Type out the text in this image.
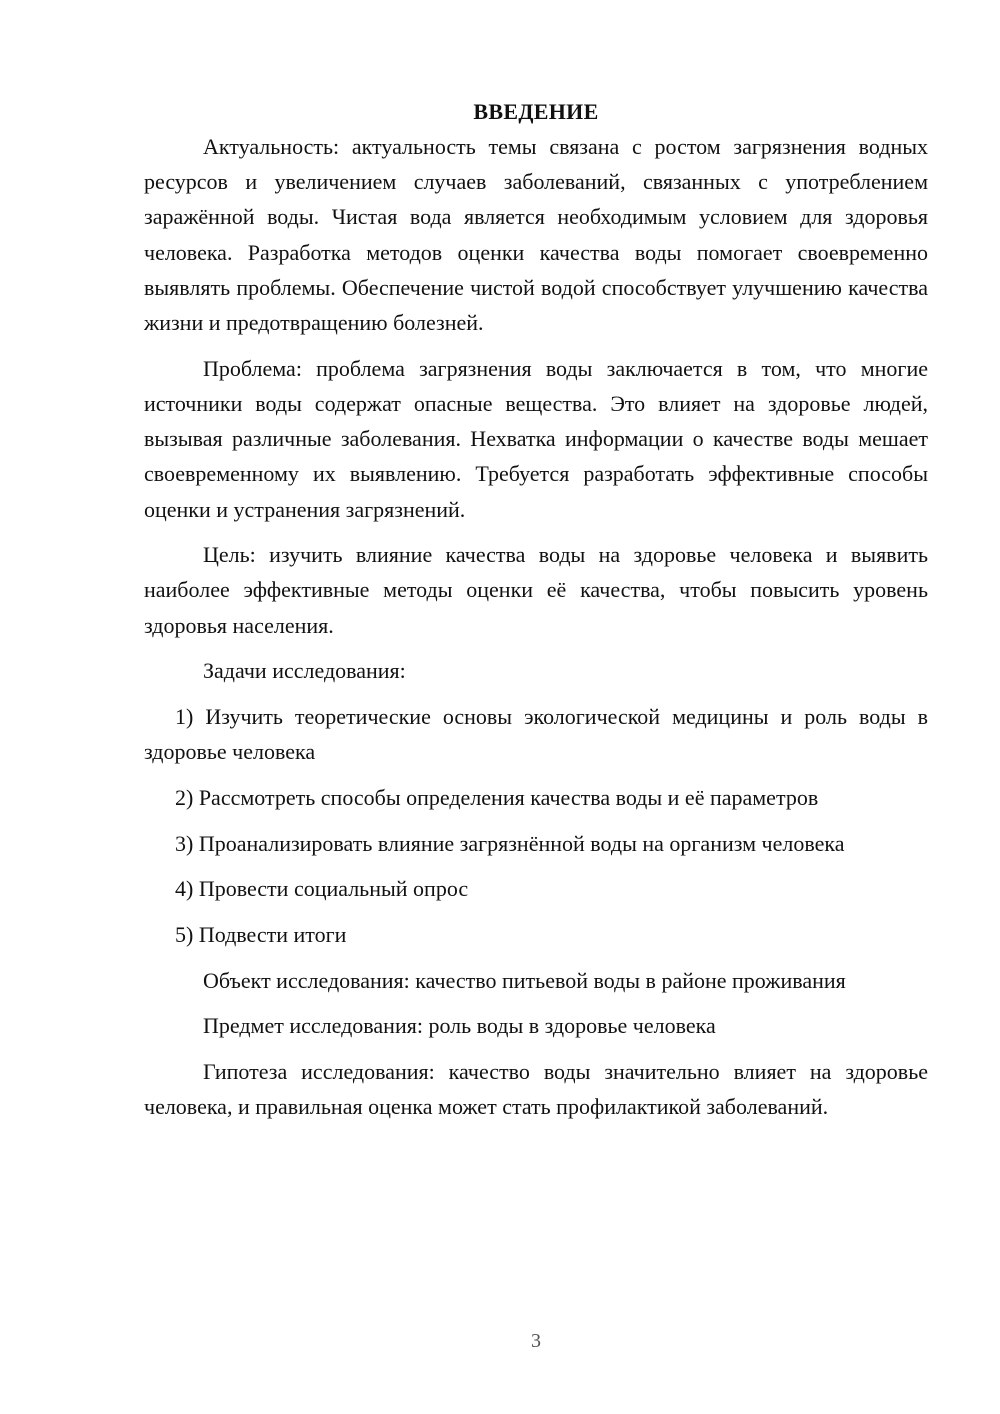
ВВЕДЕНИЕ

Актуальность: актуальность темы связана с ростом загрязнения водных ресурсов и увеличением случаев заболеваний, связанных с употреблением заражённой воды. Чистая вода является необходимым условием для здоровья человека. Разработка методов оценки качества воды помогает своевременно выявлять проблемы. Обеспечение чистой водой способствует улучшению качества жизни и предотвращению болезней.

Проблема: проблема загрязнения воды заключается в том, что многие источники воды содержат опасные вещества. Это влияет на здоровье людей, вызывая различные заболевания. Нехватка информации о качестве воды мешает своевременному их выявлению. Требуется разработать эффективные способы оценки и устранения загрязнений.

Цель: изучить влияние качества воды на здоровье человека и выявить наиболее эффективные методы оценки её качества, чтобы повысить уровень здоровья населения.

Задачи исследования:

1) Изучить теоретические основы экологической медицины и роль воды в здоровье человека

2) Рассмотреть способы определения качества воды и её параметров

3) Проанализировать влияние загрязнённой воды на организм человека

4) Провести социальный опрос

5) Подвести итоги

Объект исследования: качество питьевой воды в районе проживания

Предмет исследования: роль воды в здоровье человека

Гипотеза исследования: качество воды значительно влияет на здоровье человека, и правильная оценка может стать профилактикой заболеваний.

3
